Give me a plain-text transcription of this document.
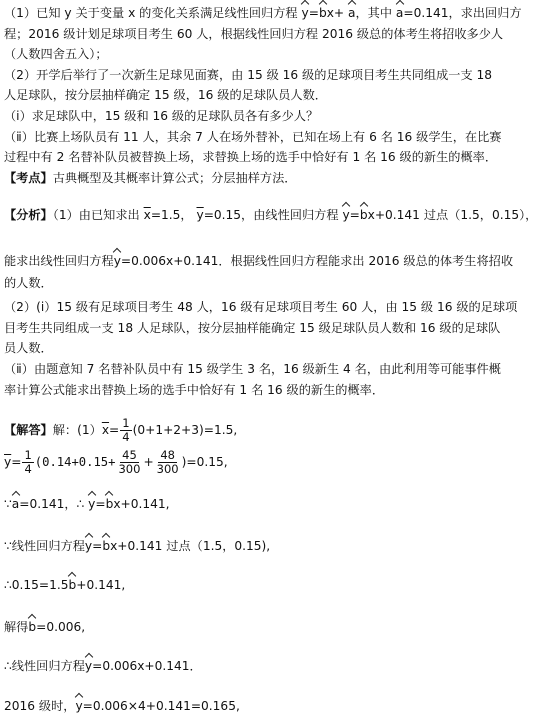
（1）已知 y 关于变量 x 的变化关系满足线性回归方程 y=bx+ a，其中 a=0.141，求出回归方
程；2016 级计划足球项目考生 60 人，根据线性回归方程 2016 级总的体考生将招收多少人
（人数四舍五入）；
（2）开学后举行了一次新生足球见面赛，由 15 级 16 级的足球项目考生共同组成一支 18
人足球队，按分层抽样确定 15 级，16 级的足球队员人数．
（ⅰ）求足球队中，15 级和 16 级的足球队员各有多少人？
（ⅱ）比赛上场队员有 11 人，其余 7 人在场外替补，已知在场上有 6 名 16 级学生，在比赛
过程中有 2 名替补队员被替换上场，求替换上场的选手中恰好有 1 名 16 级的新生的概率．
【考点】古典概型及其概率计算公式；分层抽样方法．
【分析】（1）由已知求出 $\overline{x}=1.5$， $\overline{y}=0.15$，由线性回归方程 y=bx+0.141 过点（1.5，0.15），
能求出线性回归方程y=0.006x+0.141．根据线性回归方程能求出 2016 级总的体考生将招收
的人数．
（2）(ⅰ）15 级有足球项目考生 48 人，16 级有足球项目考生 60 人，由 15 级 16 级的足球项
目考生共同组成一支 18 人足球队，按分层抽样能确定 15 级足球队员人数和 16 级的足球队
员人数．
（ⅱ）由题意知 7 名替补队员中有 15 级学生 3 名，16 级新生 4 名，由此利用等可能事件概
率计算公式能求出替换上场的选手中恰好有 1 名 16 级的新生的概率．
【解答】 解：(1） $\overline{x} = \frac{1}{4} (0+1+2+3) =1.5$,
$\overline{y} = \frac{1}{4} (0.14+0.15+ \frac{45}{300} + \frac{48}{300}$ ) =0.15,
∵a=0.141，∴ y=bx+0.141,
∵线性回归方程y=bx+0.141 过点（1.5，0.15),
∴0.15=1.5b+0.141,
解得b=0.006,
∴线性回归方程y=0.006x+0.141．
2016 级时，y=0.006×4+0.141=0.165,
